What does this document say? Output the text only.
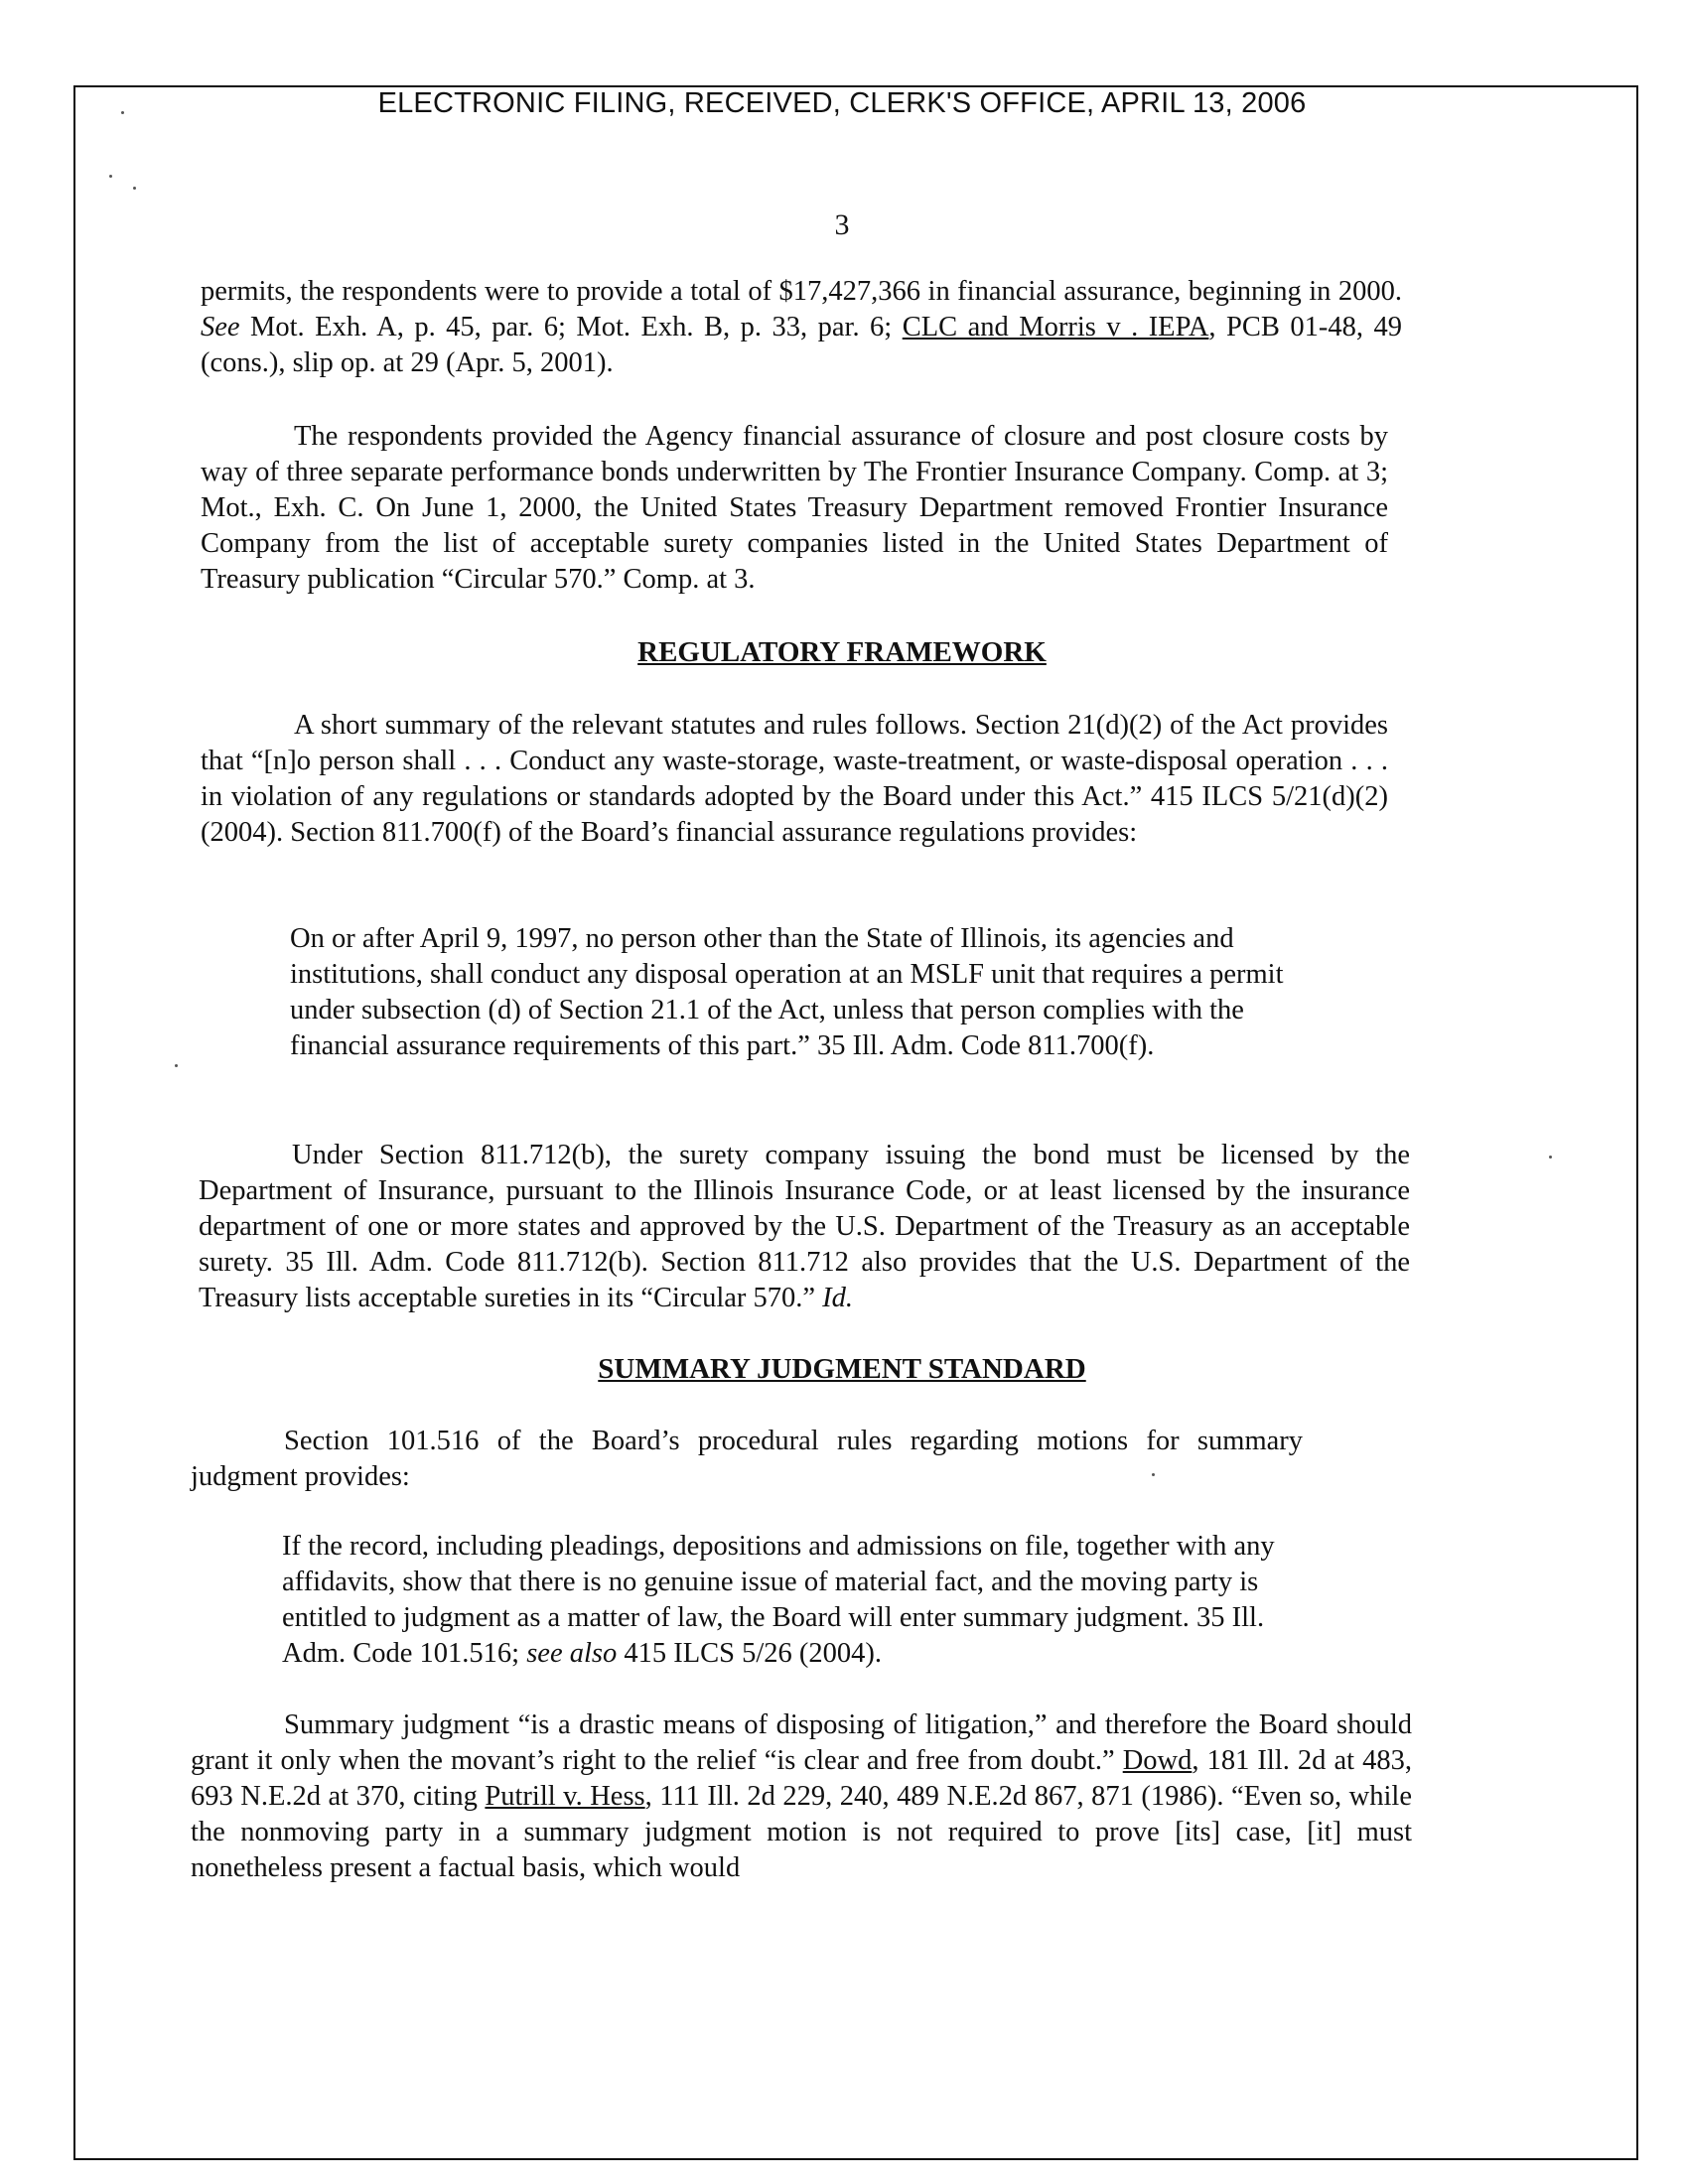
ELECTRONIC FILING, RECEIVED, CLERK'S OFFICE, APRIL 13, 2006
3

permits, the respondents were to provide a total of $17,427,366 in financial assurance, beginning in 2000. See Mot. Exh. A, p. 45, par. 6; Mot. Exh. B, p. 33, par. 6; CLC and Morris v . IEPA, PCB 01-48, 49 (cons.), slip op. at 29 (Apr. 5, 2001).

The respondents provided the Agency financial assurance of closure and post closure costs by way of three separate performance bonds underwritten by The Frontier Insurance Company. Comp. at 3; Mot., Exh. C. On June 1, 2000, the United States Treasury Department removed Frontier Insurance Company from the list of acceptable surety companies listed in the United States Department of Treasury publication “Circular 570.” Comp. at 3.

REGULATORY FRAMEWORK

A short summary of the relevant statutes and rules follows. Section 21(d)(2) of the Act provides that “[n]o person shall . . . Conduct any waste-storage, waste-treatment, or waste-disposal operation . . . in violation of any regulations or standards adopted by the Board under this Act.” 415 ILCS 5/21(d)(2) (2004). Section 811.700(f) of the Board’s financial assurance regulations provides:

On or after April 9, 1997, no person other than the State of Illinois, its agencies and institutions, shall conduct any disposal operation at an MSLF unit that requires a permit under subsection (d) of Section 21.1 of the Act, unless that person complies with the financial assurance requirements of this part.” 35 Ill. Adm. Code 811.700(f).

Under Section 811.712(b), the surety company issuing the bond must be licensed by the Department of Insurance, pursuant to the Illinois Insurance Code, or at least licensed by the insurance department of one or more states and approved by the U.S. Department of the Treasury as an acceptable surety. 35 Ill. Adm. Code 811.712(b). Section 811.712 also provides that the U.S. Department of the Treasury lists acceptable sureties in its “Circular 570.” Id.

SUMMARY JUDGMENT STANDARD

Section 101.516 of the Board’s procedural rules regarding motions for summary judgment provides:

If the record, including pleadings, depositions and admissions on file, together with any affidavits, show that there is no genuine issue of material fact, and the moving party is entitled to judgment as a matter of law, the Board will enter summary judgment. 35 Ill. Adm. Code 101.516; see also 415 ILCS 5/26 (2004).

Summary judgment “is a drastic means of disposing of litigation,” and therefore the Board should grant it only when the movant’s right to the relief “is clear and free from doubt.” Dowd, 181 Ill. 2d at 483, 693 N.E.2d at 370, citing Putrill v. Hess, 111 Ill. 2d 229, 240, 489 N.E.2d 867, 871 (1986). “Even so, while the nonmoving party in a summary judgment motion is not required to prove [its] case, [it] must nonetheless present a factual basis, which would
